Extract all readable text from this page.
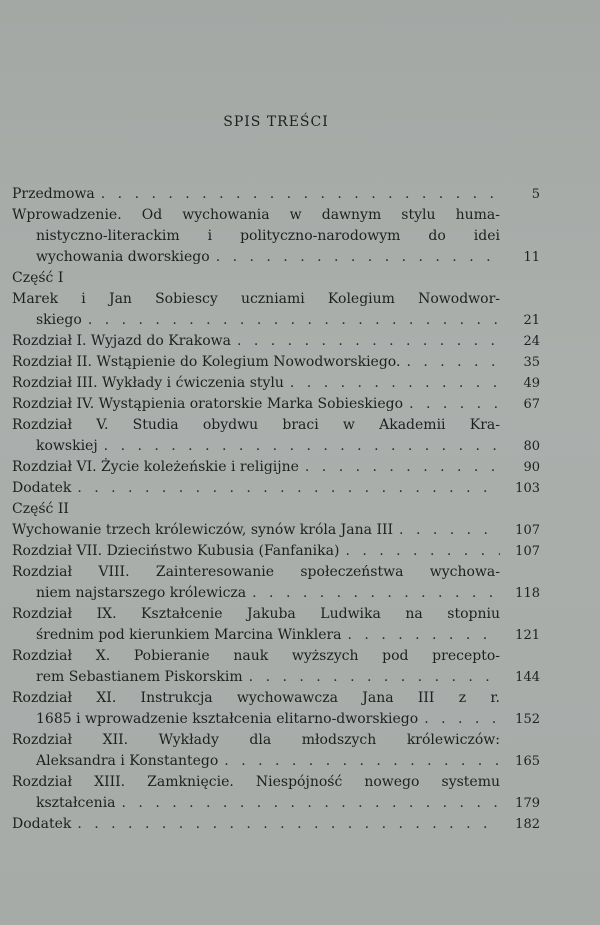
SPIS TREŚCI
Przedmowa . . .	5
Wprowadzenie. Od wychowania w dawnym stylu huma-
nistyczno-literackim i polityczno-narodowym do idei
wychowania dworskiego . . .	11
Część I
Marek i Jan Sobiescy uczniami Kolegium Nowodwor-
skiego . . .	21
Rozdział I. Wyjazd do Krakowa . . .	24
Rozdział II. Wstąpienie do Kolegium Nowodworskiego. . . .	35
Rozdział III. Wykłady i ćwiczenia stylu . . .	49
Rozdział IV. Wystąpienia oratorskie Marka Sobieskiego . . .	67
Rozdział V. Studia obydwu braci w Akademii Kra-
kowskiej . . .	80
Rozdział VI. Życie koleżeńskie i religijne . . .	90
Dodatek . . .	103
Część II
Wychowanie trzech królewiczów, synów króla Jana III . . .	107
Rozdział VII. Dzieciństwo Kubusia (Fanfanika) . . .	107
Rozdział VIII. Zainteresowanie społeczeństwa wychowa-
niem najstarszego królewicza . . .	118
Rozdział IX. Kształcenie Jakuba Ludwika na stopniu
średnim pod kierunkiem Marcina Winklera . . .	121
Rozdział X. Pobieranie nauk wyższych pod precepto-
rem Sebastianem Piskorskim . . .	144
Rozdział XI. Instrukcja wychowawcza Jana III z r.
1685 i wprowadzenie kształcenia elitarno-dworskiego . . .	152
Rozdział XII. Wykłady dla młodszych królewiczów:
Aleksandra i Konstantego . . .	165
Rozdział XIII. Zamknięcie. Niespójność nowego systemu
kształcenia . . .	179
Dodatek . . .	182
